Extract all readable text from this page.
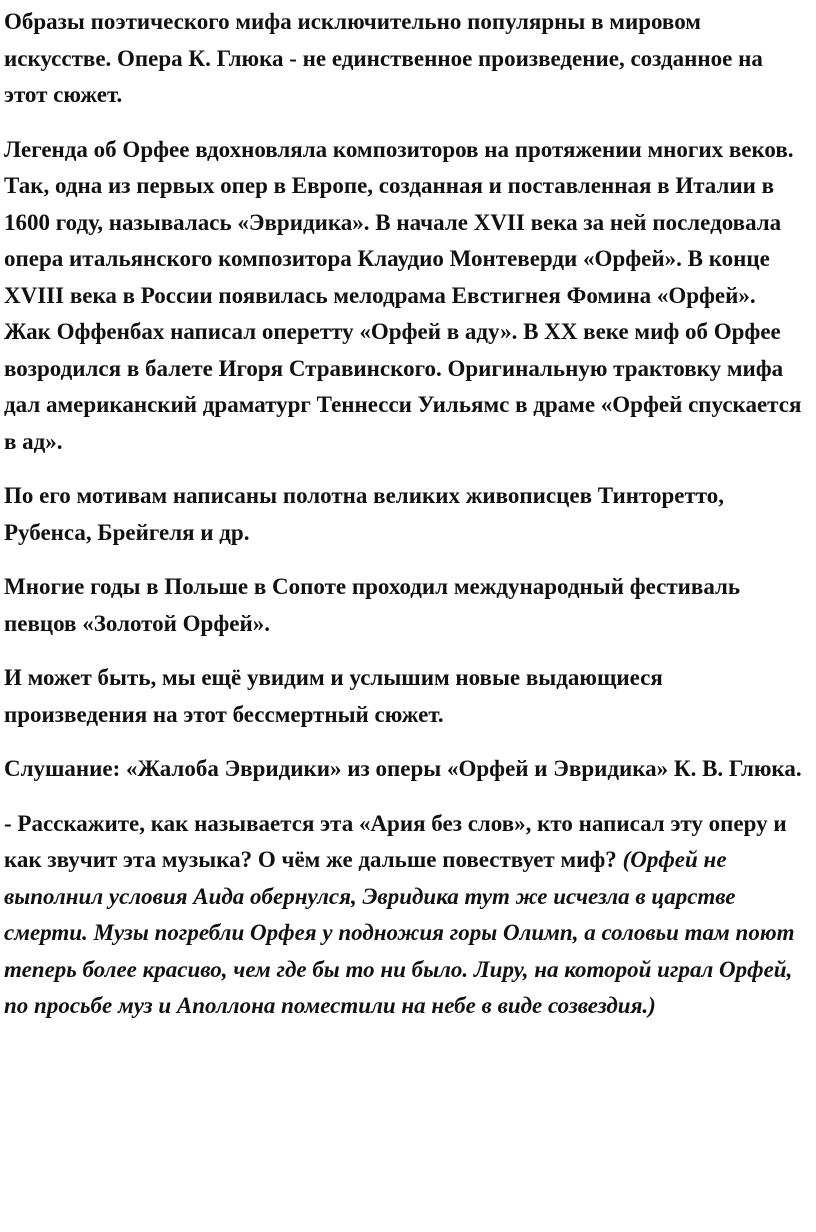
Образы поэтического мифа исключительно популярны в мировом искусстве. Опера К. Глюка - не единственное произведение, созданное на этот сюжет.

Легенда об Орфее вдохновляла композиторов на протяжении многих веков. Так, одна из первых опер в Европе, созданная и поставленная в Италии в 1600 году, называлась «Эвридика». В начале XVII века за ней последовала опера итальянского композитора Клаудио Монтеверди «Орфей». В конце XVIII века в России появилась мелодрама Евстигнея Фомина «Орфей». Жак Оффенбах написал оперетту «Орфей в аду». В XX веке миф об Орфее возродился в балете Игоря Стравинского. Оригинальную трактовку мифа дал американский драматург Теннесси Уильямс в драме «Орфей спускается в ад».

По его мотивам написаны полотна великих живописцев Тинторетто, Рубенса, Брейгеля и др.

Многие годы в Польше в Сопоте проходил международный фестиваль певцов «Золотой Орфей».

И может быть, мы ещё увидим и услышим новые выдающиеся произведения на этот бессмертный сюжет.

Слушание: «Жалоба Эвридики» из оперы «Орфей и Эвридика» К. В. Глюка.

- Расскажите, как называется эта «Ария без слов», кто написал эту оперу и как звучит эта музыка? О чём же дальше повествует миф? (Орфей не выполнил условия Аида обернулся, Эвридика тут же исчезла в царстве смерти. Музы погребли Орфея у подножия горы Олимп, а соловьи там поют теперь более красиво, чем где бы то ни было. Лиру, на которой играл Орфей, по просьбе муз и Аполлона поместили на небе в виде созвездия.)
